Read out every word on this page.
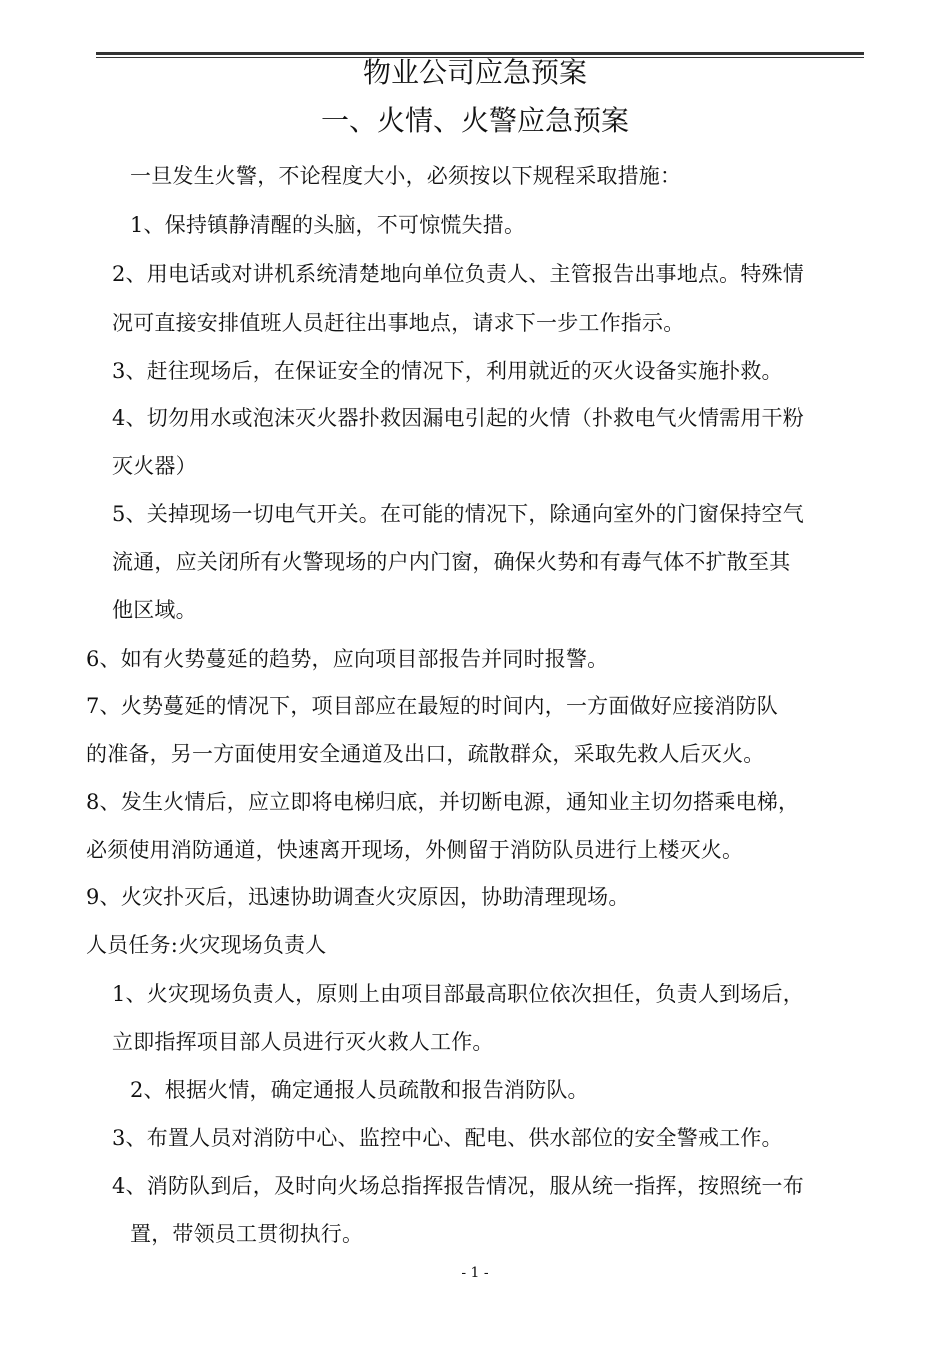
物业公司应急预案
一、火情、火警应急预案
一旦发生火警，不论程度大小，必须按以下规程采取措施：
1、保持镇静清醒的头脑，不可惊慌失措。
2、用电话或对讲机系统清楚地向单位负责人、主管报告出事地点。特殊情
况可直接安排值班人员赶往出事地点，请求下一步工作指示。
3、赶往现场后，在保证安全的情况下，利用就近的灭火设备实施扑救。
4、切勿用水或泡沫灭火器扑救因漏电引起的火情（扑救电气火情需用干粉
灭火器）
5、关掉现场一切电气开关。在可能的情况下，除通向室外的门窗保持空气
流通，应关闭所有火警现场的户内门窗，确保火势和有毒气体不扩散至其
他区域。
6、如有火势蔓延的趋势，应向项目部报告并同时报警。
7、火势蔓延的情况下，项目部应在最短的时间内，一方面做好应接消防队
的准备，另一方面使用安全通道及出口，疏散群众，采取先救人后灭火。
8、发生火情后，应立即将电梯归底，并切断电源，通知业主切勿搭乘电梯，
必须使用消防通道，快速离开现场，外侧留于消防队员进行上楼灭火。
9、火灾扑灭后，迅速协助调查火灾原因，协助清理现场。
人员任务:火灾现场负责人
1、火灾现场负责人，原则上由项目部最高职位依次担任，负责人到场后，
立即指挥项目部人员进行灭火救人工作。
2、根据火情，确定通报人员疏散和报告消防队。
3、布置人员对消防中心、监控中心、配电、供水部位的安全警戒工作。
4、消防队到后，及时向火场总指挥报告情况，服从统一指挥，按照统一布
置，带领员工贯彻执行。
- 1 -
